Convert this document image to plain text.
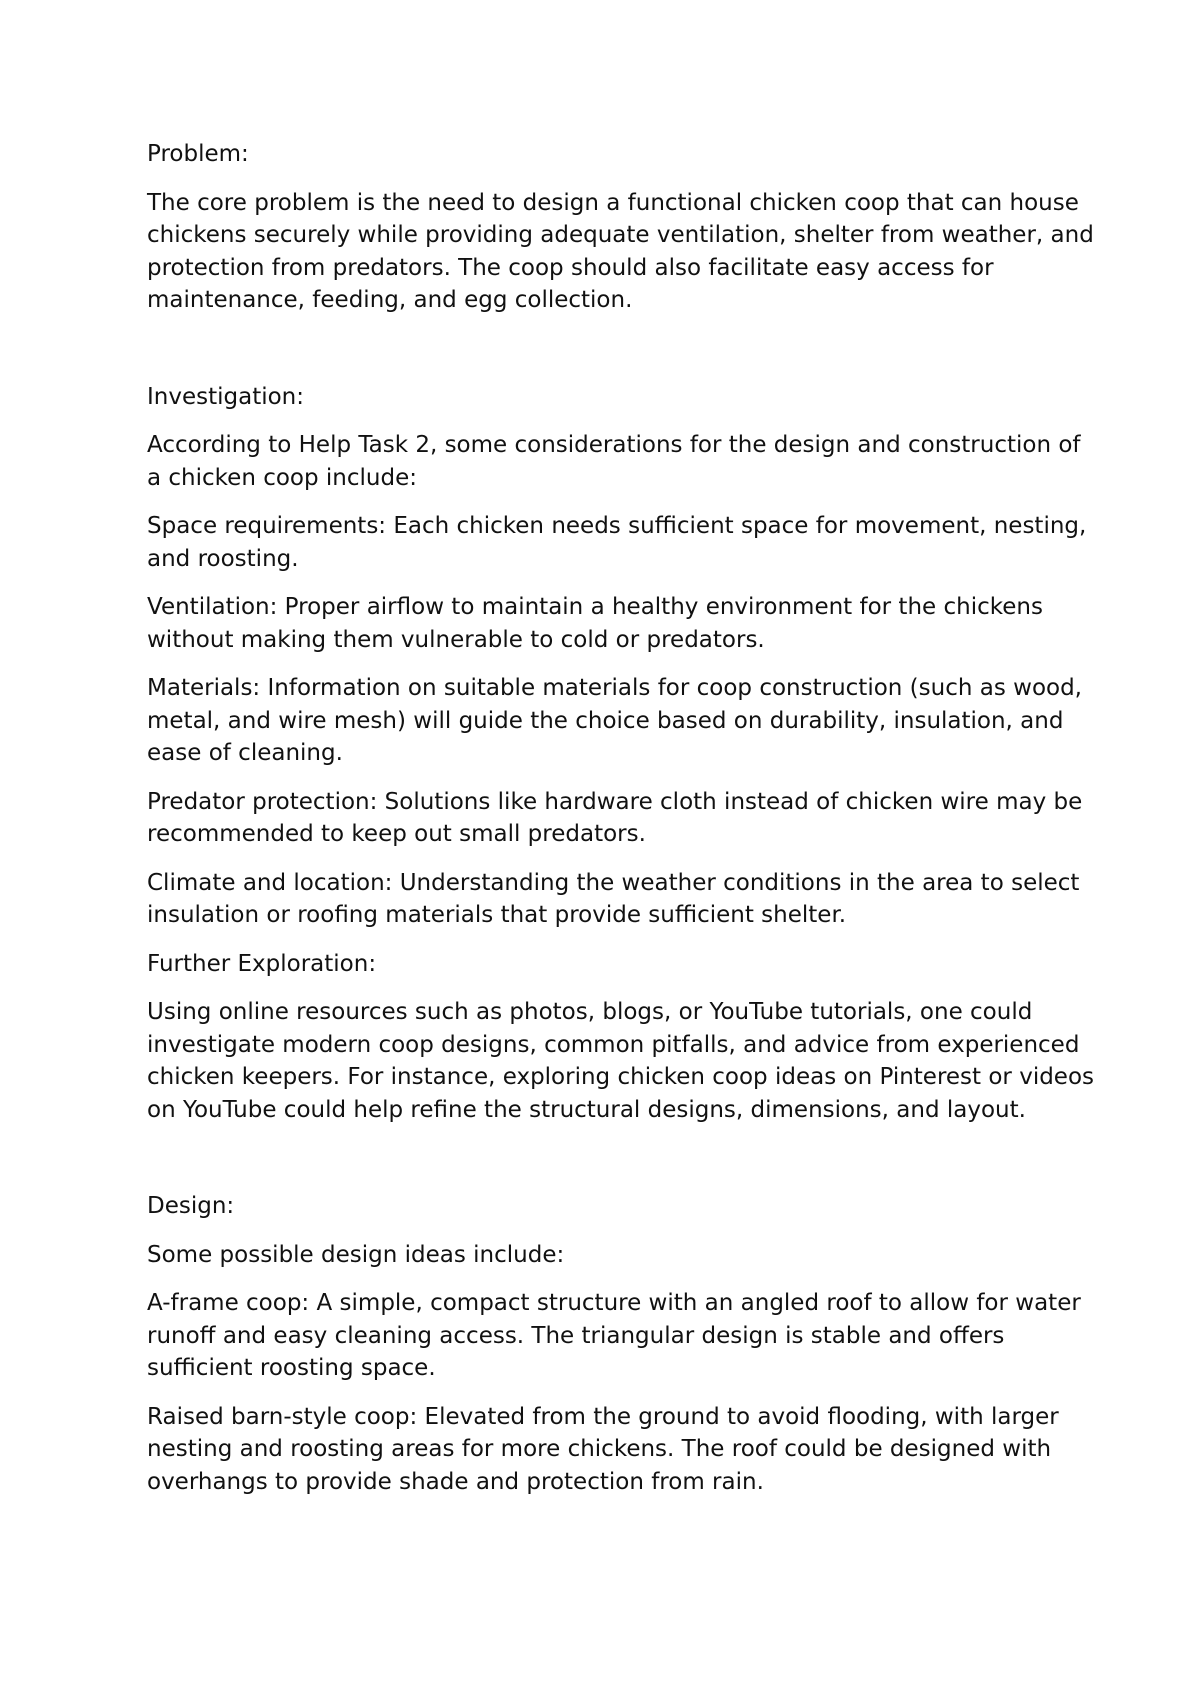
Problem:

The core problem is the need to design a functional chicken coop that can house chickens securely while providing adequate ventilation, shelter from weather, and protection from predators. The coop should also facilitate easy access for maintenance, feeding, and egg collection.

Investigation:

According to Help Task 2, some considerations for the design and construction of a chicken coop include:

Space requirements: Each chicken needs sufficient space for movement, nesting, and roosting.

Ventilation: Proper airflow to maintain a healthy environment for the chickens without making them vulnerable to cold or predators.

Materials: Information on suitable materials for coop construction (such as wood, metal, and wire mesh) will guide the choice based on durability, insulation, and ease of cleaning.

Predator protection: Solutions like hardware cloth instead of chicken wire may be recommended to keep out small predators.

Climate and location: Understanding the weather conditions in the area to select insulation or roofing materials that provide sufficient shelter.

Further Exploration:

Using online resources such as photos, blogs, or YouTube tutorials, one could investigate modern coop designs, common pitfalls, and advice from experienced chicken keepers. For instance, exploring chicken coop ideas on Pinterest or videos on YouTube could help refine the structural designs, dimensions, and layout.

Design:

Some possible design ideas include:

A-frame coop: A simple, compact structure with an angled roof to allow for water runoff and easy cleaning access. The triangular design is stable and offers sufficient roosting space.

Raised barn-style coop: Elevated from the ground to avoid flooding, with larger nesting and roosting areas for more chickens. The roof could be designed with overhangs to provide shade and protection from rain.
